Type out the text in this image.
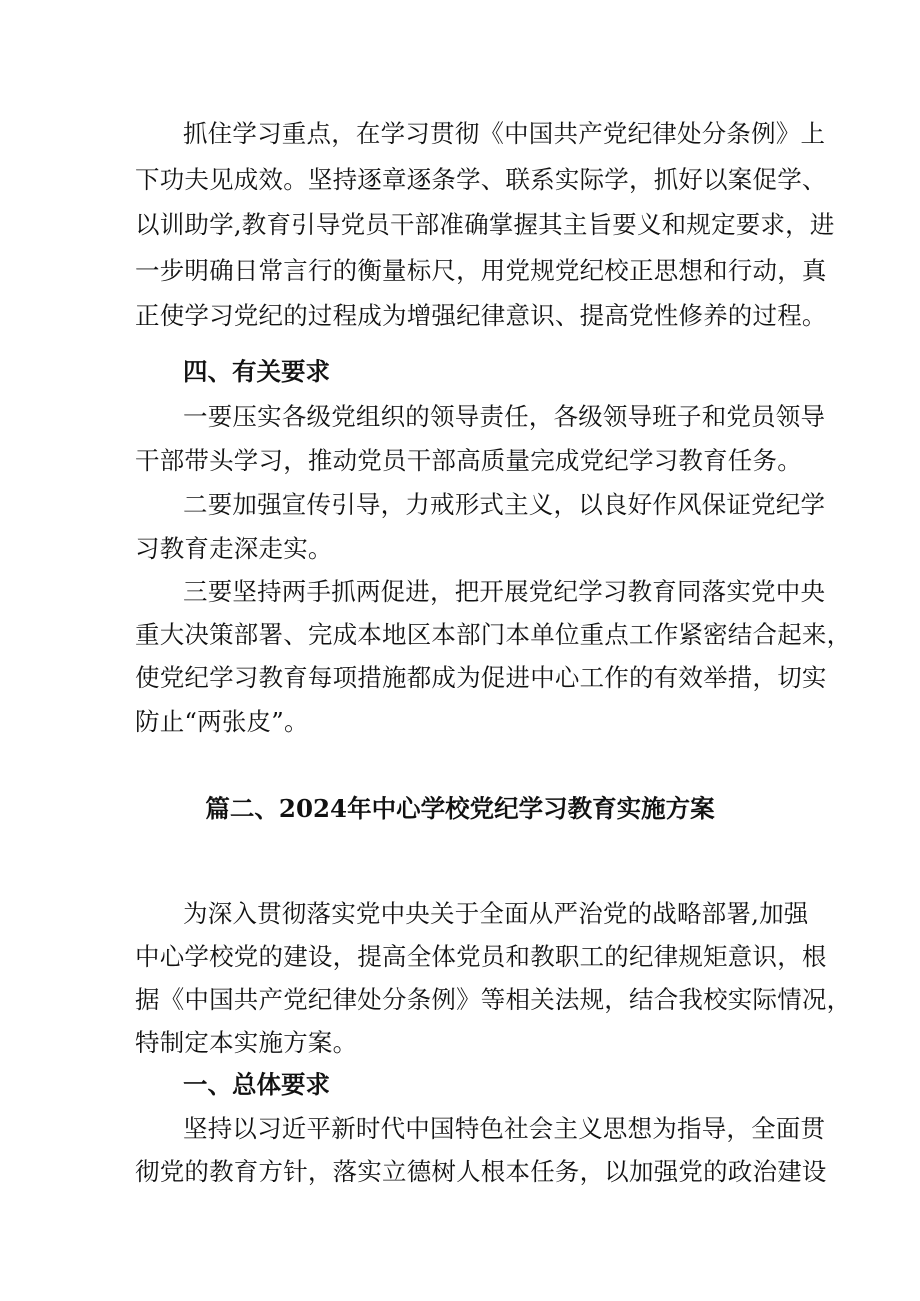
抓住学习重点，在学习贯彻《中国共产党纪律处分条例》上
下功夫见成效。坚持逐章逐条学、联系实际学，抓好以案促学、
以训助学,教育引导党员干部准确掌握其主旨要义和规定要求，进
一步明确日常言行的衡量标尺，用党规党纪校正思想和行动，真
正使学习党纪的过程成为增强纪律意识、提高党性修养的过程。
四、有关要求
一要压实各级党组织的领导责任，各级领导班子和党员领导
干部带头学习，推动党员干部高质量完成党纪学习教育任务。
二要加强宣传引导，力戒形式主义，以良好作风保证党纪学
习教育走深走实。
三要坚持两手抓两促进，把开展党纪学习教育同落实党中央
重大决策部署、完成本地区本部门本单位重点工作紧密结合起来，
使党纪学习教育每项措施都成为促进中心工作的有效举措，切实
防止“两张皮”。
篇二、2024年中心学校党纪学习教育实施方案
为深入贯彻落实党中央关于全面从严治党的战略部署,加强
中心学校党的建设，提高全体党员和教职工的纪律规矩意识，根
据《中国共产党纪律处分条例》等相关法规，结合我校实际情况，
特制定本实施方案。
一、总体要求
坚持以习近平新时代中国特色社会主义思想为指导，全面贯
彻党的教育方针，落实立德树人根本任务，以加强党的政治建设
